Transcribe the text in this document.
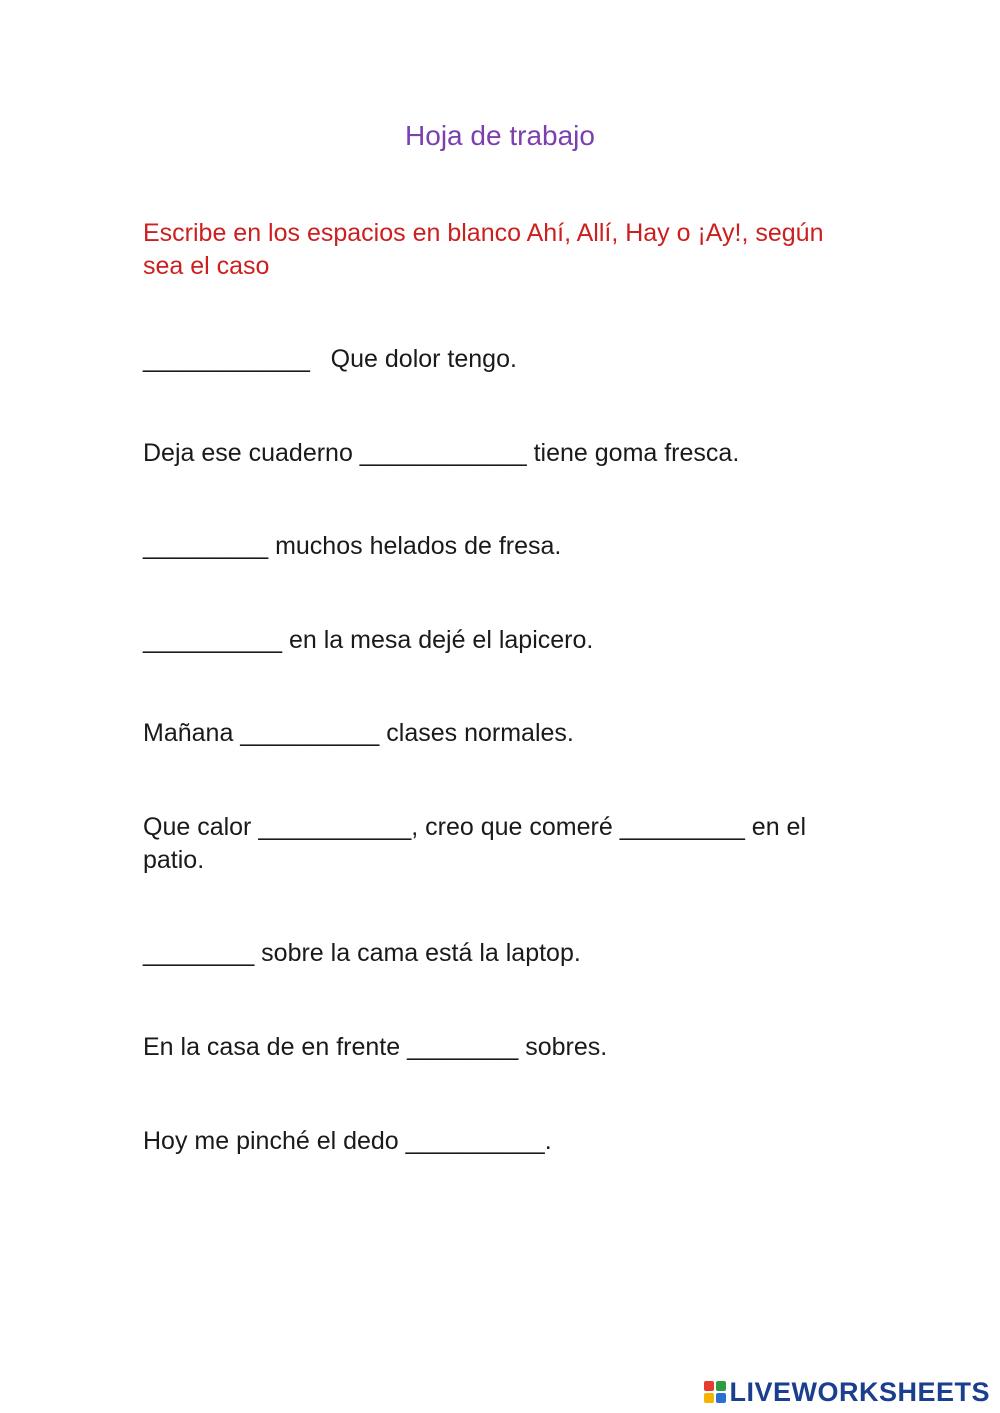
Hoja de trabajo
Escribe en los espacios en blanco Ahí, Allí, Hay o ¡Ay!, según sea el caso
____________   Que dolor tengo.
Deja ese cuaderno ____________ tiene goma fresca.
_________ muchos helados de fresa.
__________ en la mesa dejé el lapicero.
Mañana __________ clases normales.
Que calor ___________, creo que comeré _________ en el patio.
________ sobre la cama está la laptop.
En la casa de en frente ________ sobres.
Hoy me pinché el dedo __________.
LIVEWORKSHEETS
